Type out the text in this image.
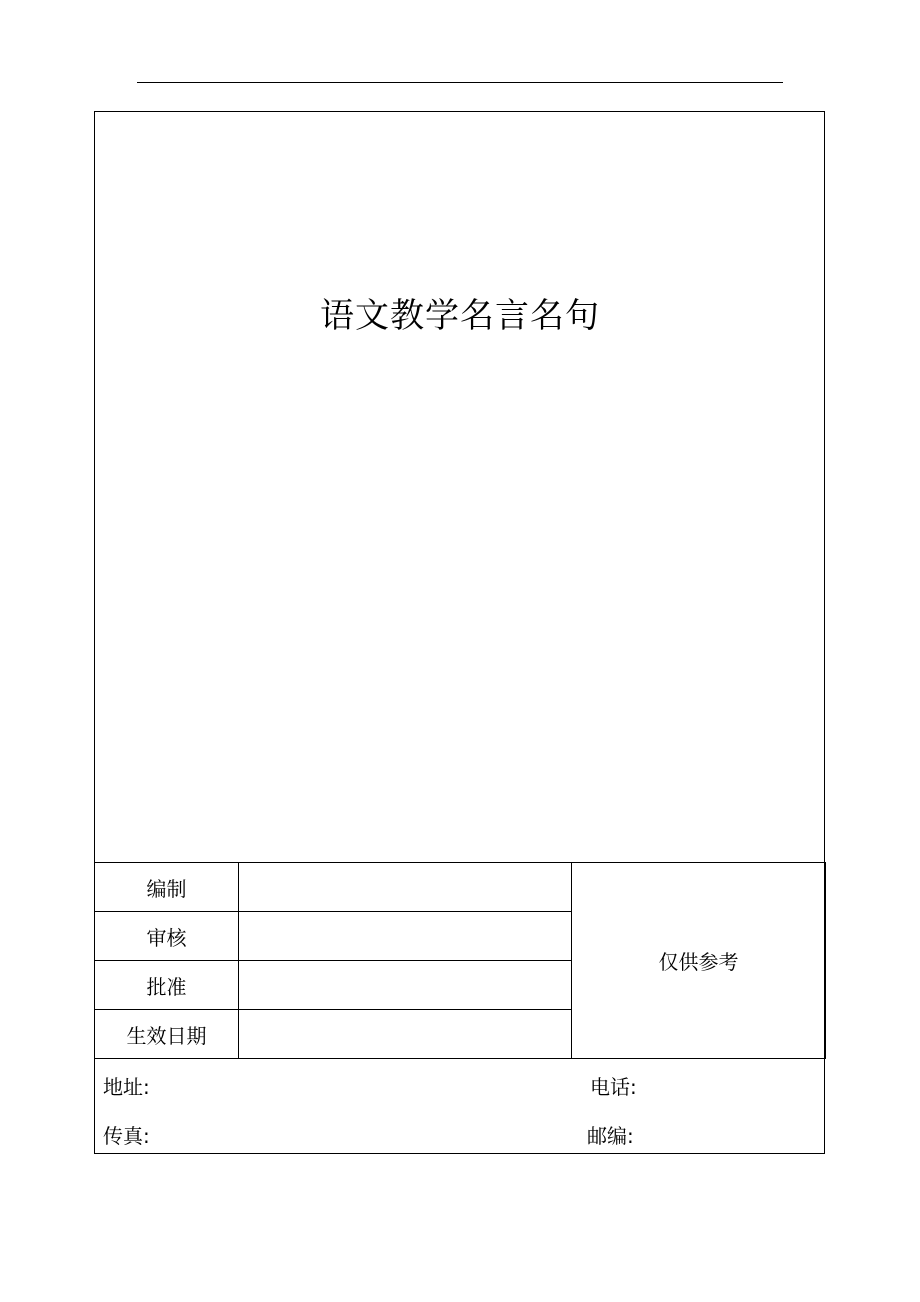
语文教学名言名句
编制		仅供参考
审核		
批准		
生效日期		
地址:	电话:
传真:	邮编:
